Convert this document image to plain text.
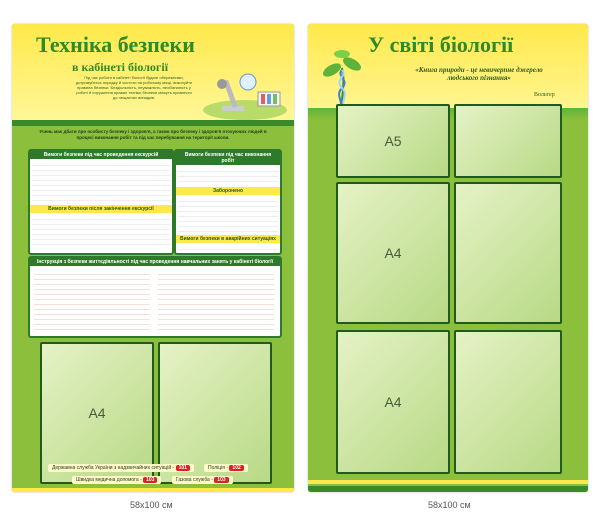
Техніка безпеки
в кабінеті біології
Під час роботи в кабінеті біології будьте обережними, дотримуйтесь порядку й чистоти на робочому місці, виконуйте правила безпеки. Бездіяльність, неуважність, необізнаність у роботі й порушення правил техніки безпеки можуть призвести до нещасних випадків.
Учень має дбати про особисту безпеку і здоров'я, а також про безпеку і здоров'я оточуючих людей в процесі виконання робіт та під час перебування на території школи.
Вимоги безпеки під час проведення екскурсій
Вимоги безпеки після закінчення екскурсії
Вимоги безпеки під час виконання робіт
Заборонено
Вимоги безпеки в аварійних ситуаціях
Інструкція з безпеки життєдіяльності під час проведення навчальних занять у кабінеті біології
A4
Державна служба України з надзвичайних ситуацій - 101	Поліція - 102
Швидка медична допомога - 103	Газова служба - 103
58х100 см
У світі біології
«Книга природи - це невичерпне джерело людського пізнання»
Вольтер
A5
A4
A4
58х100 см
